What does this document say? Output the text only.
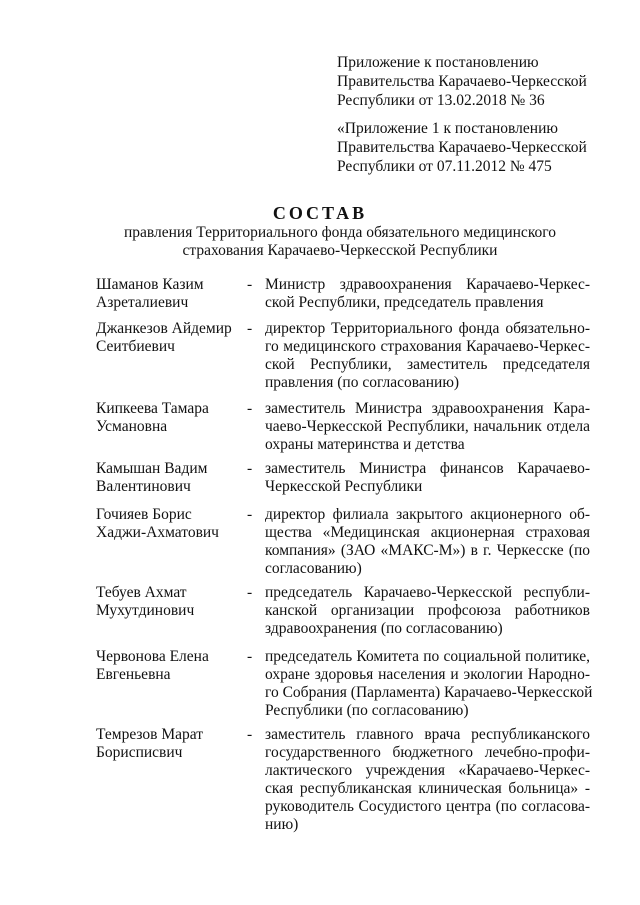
Приложение к постановлению
Правительства Карачаево-Черкесской
Республики от 13.02.2018 № 36
«Приложение 1 к постановлению
Правительства Карачаево-Черкесской
Республики от 07.11.2012 № 475
СОСТАВ
правления Территориального фонда обязательного медицинского
страхования Карачаево-Черкесской Республики
Шаманов Казим
Азреталиевич
- Министр здравоохранения Карачаево-Черкес-
ской Республики, председатель правления
Джанкезов Айдемир
Сеитбиевич
- директор Территориального фонда обязательно-
го медицинского страхования Карачаево-Черкес-
ской Республики, заместитель председателя
правления (по согласованию)
Кипкеева Тамара
Усмановна
- заместитель Министра здравоохранения Кара-
чаево-Черкесской Республики, начальник отдела
охраны материнства и детства
Камышан Вадим
Валентинович
- заместитель Министра финансов Карачаево-
Черкесской Республики
Гочияев Борис
Хаджи-Ахматович
- директор филиала закрытого акционерного об-
щества «Медицинская акционерная страховая
компания» (ЗАО «МАКС-М») в г. Черкесске (по
согласованию)
Тебуев Ахмат
Мухутдинович
- председатель Карачаево-Черкесской республи-
канской организации профсоюза работников
здравоохранения (по согласованию)
Червонова Елена
Евгеньевна
- председатель Комитета по социальной политике,
охране здоровья населения и экологии Народно-
го Собрания (Парламента) Карачаево-Черкесской
Республики (по согласованию)
Темрезов Марат
Борисписвич
- заместитель главного врача республиканского
государственного бюджетного лечебно-профи-
лактического учреждения «Карачаево-Черкес-
ская республиканская клиническая больница» -
руководитель Сосудистого центра (по согласова-
нию)
